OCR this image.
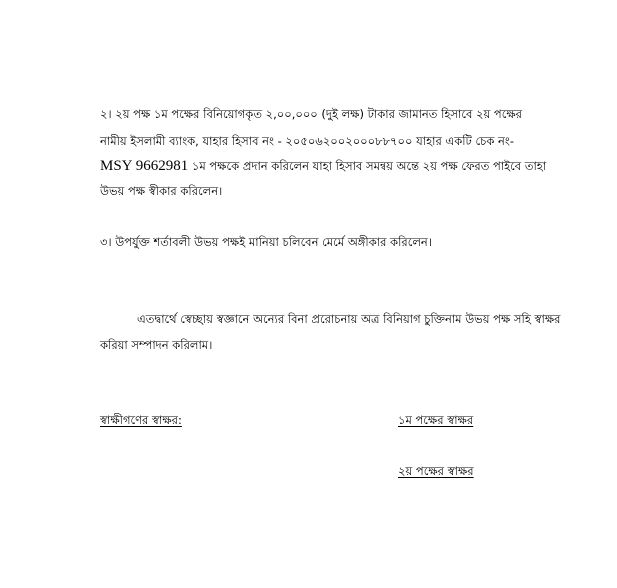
২। ২য় পক্ষ ১ম পক্ষের বিনিয়োগকৃত ২,০০,০০০ (দুই লক্ষ) টাকার জামানত হিসাবে ২য় পক্ষের
নামীয় ইসলামী ব্যাংক, যাহার হিসাব নং - ২০৫০৬২০০২০০০৮৮৭০০ যাহার একটি চেক নং-
MSY 9662981 ১ম পক্ষকে প্রদান করিলেন যাহা হিসাব সমন্বয় অন্তে ২য় পক্ষ ফেরত পাইবে তাহা
উভয় পক্ষ স্বীকার করিলেন।
৩। উপর্যুক্ত শর্তাবলী উভয় পক্ষই মানিয়া চলিবেন মের্মে অঙ্গীকার করিলেন।
এতদ্বার্থে স্বেচ্ছায় স্বজ্ঞানে অন্যের বিনা প্ররোচনায় অত্র বিনিয়াগ চুক্তিনাম উভয় পক্ষ সহি স্বাক্ষর
করিয়া সম্পাদন করিলাম।
স্বাক্ষীগণের স্বাক্ষর:	১ম পক্ষের স্বাক্ষর
২য় পক্ষের স্বাক্ষর
